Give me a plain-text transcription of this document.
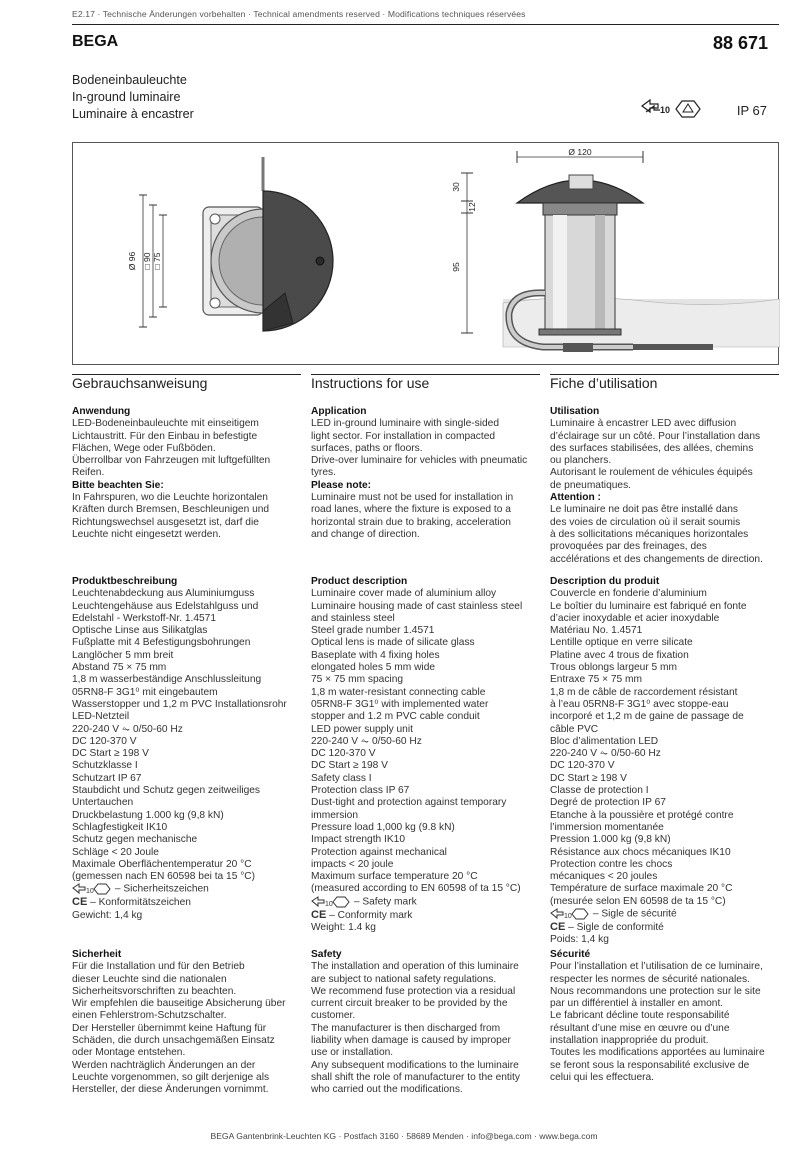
E2.17 · Technische Änderungen vorbehalten · Technical amendments reserved · Modifications techniques réservées
BEGA	88 671
Bodeneinbauleuchte
In-ground luminaire
Luminaire à encastrer	10	IP 67
Ø 96 □ 90 □ 75
Ø 120
30
12
95
Gebrauchsanweisung
Anwendung
LED-Bodeneinbauleuchte mit einseitigem
Lichtaustritt. Für den Einbau in befestigte
Flächen, Wege oder Fußböden.
Überrollbar von Fahrzeugen mit luftgefüllten
Reifen.
Bitte beachten Sie:
In Fahrspuren, wo die Leuchte horizontalen
Kräften durch Bremsen, Beschleunigen und
Richtungswechsel ausgesetzt ist, darf die
Leuchte nicht eingesetzt werden.
Produktbeschreibung
Leuchtenabdeckung aus Aluminiumguss
Leuchtengehäuse aus Edelstahlguss und
Edelstahl - Werkstoff-Nr. 1.4571
Optische Linse aus Silikatglas
Fußplatte mit 4 Befestigungsbohrungen
Langlöcher 5 mm breit
Abstand 75 × 75 mm
1,8 m wasserbeständige Anschlussleitung
05RN8-F 3G1⁰ mit eingebautem
Wasserstopper und 1,2 m PVC Installationsrohr
LED-Netzteil
220-240 V ⏦ 0/50-60 Hz
DC 120-370 V
DC Start ≥ 198 V
Schutzklasse I
Schutzart IP 67
Staubdicht und Schutz gegen zeitweiliges
Untertauchen
Druckbelastung 1.000 kg (9,8 kN)
Schlagfestigkeit IK10
Schutz gegen mechanische
Schläge < 20 Joule
Maximale Oberflächentemperatur 20 °C
(gemessen nach EN 60598 bei ta 15 °C)
10 – Sicherheitszeichen
CE – Konformitätszeichen
Gewicht: 1,4 kg
Sicherheit
Für die Installation und für den Betrieb
dieser Leuchte sind die nationalen
Sicherheitsvorschriften zu beachten.
Wir empfehlen die bauseitige Absicherung über
einen Fehlerstrom-Schutzschalter.
Der Hersteller übernimmt keine Haftung für
Schäden, die durch unsachgemäßen Einsatz
oder Montage entstehen.
Werden nachträglich Änderungen an der
Leuchte vorgenommen, so gilt derjenige als
Hersteller, der diese Änderungen vornimmt.
Instructions for use
Application
LED in-ground luminaire with single-sided
light sector. For installation in compacted
surfaces, paths or floors.
Drive-over luminaire for vehicles with pneumatic
tyres.
Please note:
Luminaire must not be used for installation in
road lanes, where the fixture is exposed to a
horizontal strain due to braking, acceleration
and change of direction.
Product description
Luminaire cover made of aluminium alloy
Luminaire housing made of cast stainless steel
and stainless steel
Steel grade number 1.4571
Optical lens is made of silicate glass
Baseplate with 4 fixing holes
elongated holes 5 mm wide
75 × 75 mm spacing
1,8 m water-resistant connecting cable
05RN8-F 3G1⁰ with implemented water
stopper and 1.2 m PVC cable conduit
LED power supply unit
220-240 V ⏦ 0/50-60 Hz
DC 120-370 V
DC Start ≥ 198 V
Safety class I
Protection class IP 67
Dust-tight and protection against temporary
immersion
Pressure load 1,000 kg (9.8 kN)
Impact strength IK10
Protection against mechanical
impacts < 20 joule
Maximum surface temperature 20 °C
(measured according to EN 60598 of ta 15 °C)
10 – Safety mark
CE – Conformity mark
Weight: 1.4 kg
Safety
The installation and operation of this luminaire
are subject to national safety regulations.
We recommend fuse protection via a residual
current circuit breaker to be provided by the
customer.
The manufacturer is then discharged from
liability when damage is caused by improper
use or installation.
Any subsequent modifications to the luminaire
shall shift the role of manufacturer to the entity
who carried out the modifications.
Fiche d’utilisation
Utilisation
Luminaire à encastrer LED avec diffusion
d’éclairage sur un côté. Pour l’installation dans
des surfaces stabilisées, des allées, chemins
ou planchers.
Autorisant le roulement de véhicules équipés
de pneumatiques.
Attention :
Le luminaire ne doit pas être installé dans
des voies de circulation où il serait soumis
à des sollicitations mécaniques horizontales
provoquées par des freinages, des
accélérations et des changements de direction.
Description du produit
Couvercle en fonderie d’aluminium
Le boîtier du luminaire est fabriqué en fonte
d’acier inoxydable et acier inoxydable
Matériau No. 1.4571
Lentille optique en verre silicate
Platine avec 4 trous de fixation
Trous oblongs largeur 5 mm
Entraxe 75 × 75 mm
1,8 m de câble de raccordement résistant
à l’eau 05RN8-F 3G1⁰ avec stoppe-eau
incorporé et 1,2 m de gaine de passage de
câble PVC
Bloc d’alimentation LED
220-240 V ⏦ 0/50-60 Hz
DC 120-370 V
DC Start ≥ 198 V
Classe de protection I
Degré de protection IP 67
Etanche à la poussière et protégé contre
l’immersion momentanée
Pression 1.000 kg (9,8 kN)
Résistance aux chocs mécaniques IK10
Protection contre les chocs
mécaniques < 20 joules
Température de surface maximale 20 °C
(mesurée selon EN 60598 de ta 15 °C)
10 – Sigle de sécurité
CE – Sigle de conformité
Poids: 1,4 kg
Sécurité
Pour l’installation et l’utilisation de ce luminaire,
respecter les normes de sécurité nationales.
Nous recommandons une protection sur le site
par un différentiel à installer en amont.
Le fabricant décline toute responsabilité
résultant d’une mise en œuvre ou d’une
installation inappropriée du produit.
Toutes les modifications apportées au luminaire
se feront sous la responsabilité exclusive de
celui qui les effectuera.
BEGA Gantenbrink-Leuchten KG · Postfach 3160 · 58689 Menden · info@bega.com · www.bega.com
